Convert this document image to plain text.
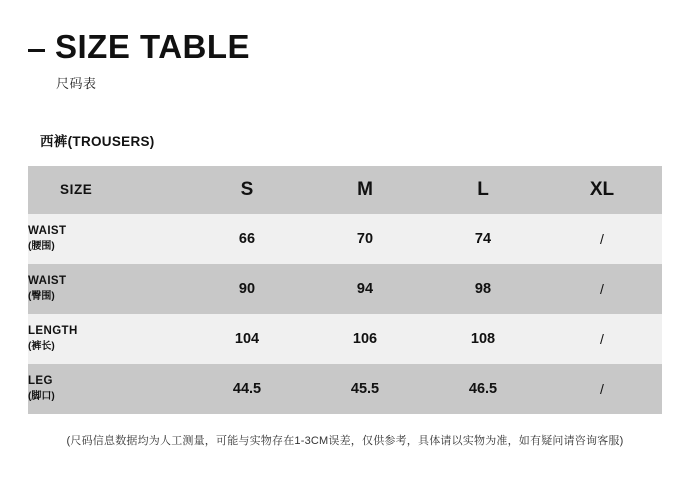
SIZE TABLE
尺码表
西裤(TROUSERS)
SIZE	S	M	L	XL

WAIST
(腰围)	66	70	74	/

WAIST
(臀围)	90	94	98	/

LENGTH
(裤长)	104	106	108	/

LEG
(脚口)	44.5	45.5	46.5	/
(尺码信息数据均为人工测量，可能与实物存在1-3CM误差，仅供参考，具体请以实物为准，如有疑问请咨询客服)
